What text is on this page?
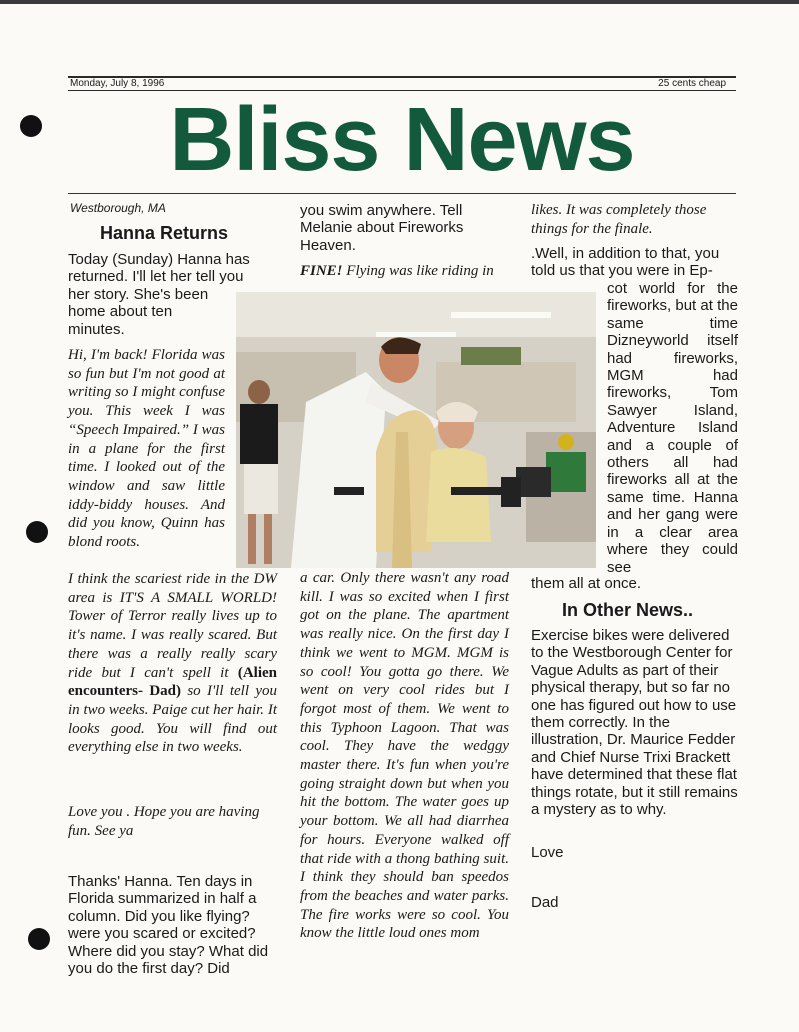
Monday, July 8, 1996	25 cents cheap
Bliss News
Westborough, MA
Hanna Returns

Today (Sunday) Hanna has returned. I'll let her tell you

her story. She's been home about ten minutes.

Hi, I'm back! Florida was so fun but I'm not good at writing so I might confuse you. This week I was “Speech Impaired.” I was in a plane for the first time. I looked out of the window and saw little iddy-biddy houses. And did you know, Quinn has blond roots.

I think the scariest ride in the DW area is IT'S A SMALL WORLD! Tower of Terror really lives up to it's name. I was really scared. But there was a really really scary ride but I can't spell it (Alien encounters- Dad) so I'll tell you in two weeks. Paige cut her hair. It looks good. You will find out everything else in two weeks.

Love you . Hope you are having fun. See ya

Thanks' Hanna. Ten days in Florida summarized in half a column. Did you like flying? were you scared or excited? Where did you stay? What did you do the first day? Did

you swim anywhere. Tell Melanie about Fireworks Heaven.

FINE! Flying was like riding in

a car. Only there wasn't any road kill. I was so excited when I first got on the plane. The apartment was really nice. On the first day I think we went to MGM. MGM is so cool! You gotta go there. We went on very cool rides but I forgot most of them. We went to this Typhoon Lagoon. That was cool. They have the wedggy master there. It's fun when you're going straight down but when you hit the bottom. The water goes up your bottom. We all had diarrhea for hours. Everyone walked off that ride with a thong bathing suit. I think they should ban speedos from the beaches and water parks. The fire works were so cool. You know the little loud ones mom

likes. It was completely those things for the finale.

.Well, in addition to that, you told us that you were in Ep-

cot world for the fireworks, but at the same time Dizneyworld itself had fireworks, MGM had fireworks, Tom Sawyer Island, Adventure Island and a couple of others all had fireworks all at the same time. Hanna and her gang were in a clear area where they could see

them all at once.

In Other News..

Exercise bikes were delivered to the Westborough Center for Vague Adults as part of their physical therapy, but so far no one has figured out how to use them correctly. In the illustration, Dr. Maurice Fedder and Chief Nurse Trixi Brackett have determined that these flat things rotate, but it still remains a mystery as to why.

Love

Dad
